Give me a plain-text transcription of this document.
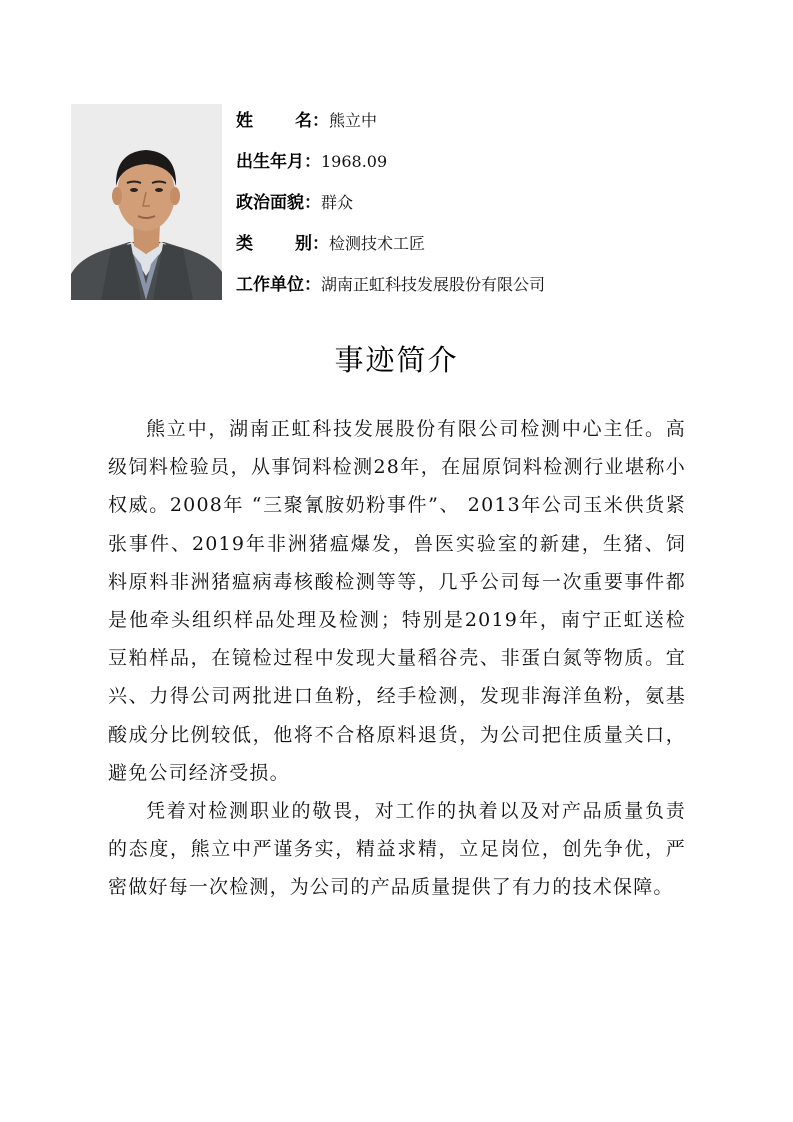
姓名 ： 熊立中
出生年月 ： 1968.09
政治面貌 ： 群众
类别 ： 检测技术工匠
工作单位 ： 湖南正虹科技发展股份有限公司
事迹简介

熊立中，湖南正虹科技发展股份有限公司检测中心主任。高级饲料检验员，从事饲料检测28年，在屈原饲料检测行业堪称小权威。2008年 “三聚氰胺奶粉事件”、 2013年公司玉米供货紧张事件、2019年非洲猪瘟爆发，兽医实验室的新建，生猪、饲料原料非洲猪瘟病毒核酸检测等等，几乎公司每一次重要事件都是他牵头组织样品处理及检测；特别是2019年，南宁正虹送检豆粕样品，在镜检过程中发现大量稻谷壳、非蛋白氮等物质。宜兴、力得公司两批进口鱼粉，经手检测，发现非海洋鱼粉，氨基酸成分比例较低，他将不合格原料退货，为公司把住质量关口，避免公司经济受损。

凭着对检测职业的敬畏，对工作的执着以及对产品质量负责的态度，熊立中严谨务实，精益求精，立足岗位，创先争优，严密做好每一次检测，为公司的产品质量提供了有力的技术保障。
